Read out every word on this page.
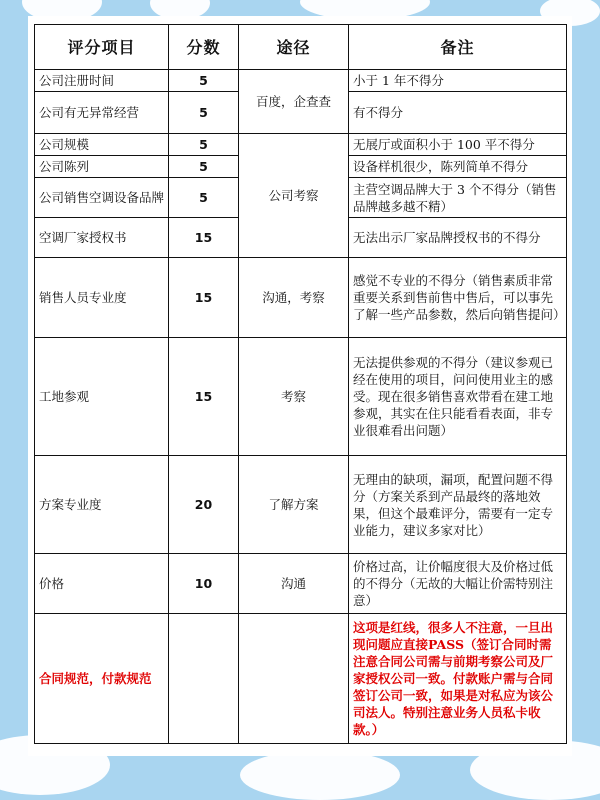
评分项目	分数	途径	备注
公司注册时间	5	百度，企查查	小于 1 年不得分
公司有无异常经营	5		有不得分
公司规模	5	公司考察	无展厅或面积小于 100 平不得分
公司陈列	5		设备样机很少，陈列简单不得分
公司销售空调设备品牌	5		主营空调品牌大于 3 个不得分（销售品牌越多越不精）
空调厂家授权书	15		无法出示厂家品牌授权书的不得分
销售人员专业度	15	沟通，考察	感觉不专业的不得分（销售素质非常重要关系到售前售中售后，可以事先了解一些产品参数，然后向销售提问）
工地参观	15	考察	无法提供参观的不得分（建议参观已经在使用的项目，问问使用业主的感受。现在很多销售喜欢带看在建工地参观，其实在住只能看看表面，非专业很难看出问题）
方案专业度	20	了解方案	无理由的缺项，漏项，配置问题不得分（方案关系到产品最终的落地效果，但这个最难评分，需要有一定专业能力，建议多家对比）
价格	10	沟通	价格过高，让价幅度很大及价格过低的不得分（无故的大幅让价需特别注意）
合同规范，付款规范			这项是红线，很多人不注意，一旦出现问题应直接PASS（签订合同时需注意合同公司需与前期考察公司及厂家授权公司一致。付款账户需与合同签订公司一致，如果是对私应为该公司法人。特别注意业务人员私卡收款。）
